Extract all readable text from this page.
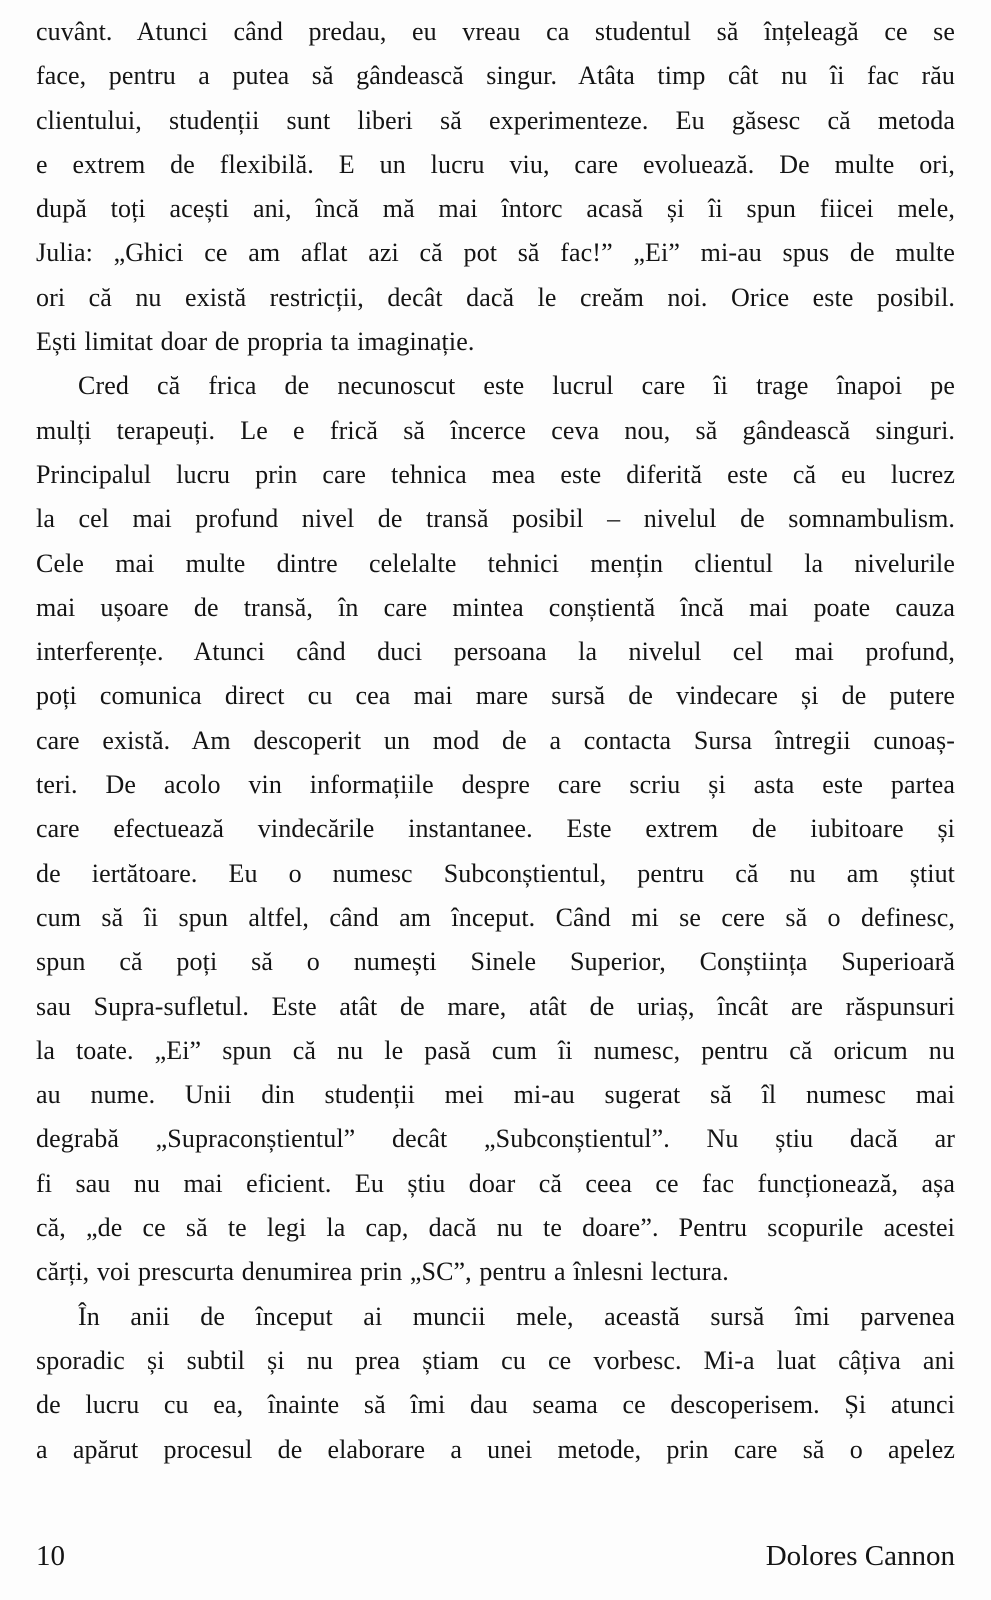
cuvânt. Atunci când predau, eu vreau ca studentul să înțeleagă ce se
face, pentru a putea să gândească singur. Atâta timp cât nu îi fac rău
clientului, studenții sunt liberi să experimenteze. Eu găsesc că metoda
e extrem de flexibilă. E un lucru viu, care evoluează. De multe ori,
după toți acești ani, încă mă mai întorc acasă și îi spun fiicei mele,
Julia: „Ghici ce am aflat azi că pot să fac!” „Ei” mi-au spus de multe
ori că nu există restricții, decât dacă le creăm noi. Orice este posibil.
Ești limitat doar de propria ta imaginație.
Cred că frica de necunoscut este lucrul care îi trage înapoi pe
mulți terapeuți. Le e frică să încerce ceva nou, să gândească singuri.
Principalul lucru prin care tehnica mea este diferită este că eu lucrez
la cel mai profund nivel de transă posibil – nivelul de somnambulism.
Cele mai multe dintre celelalte tehnici mențin clientul la nivelurile
mai ușoare de transă, în care mintea conștientă încă mai poate cauza
interferențe. Atunci când duci persoana la nivelul cel mai profund,
poți comunica direct cu cea mai mare sursă de vindecare și de putere
care există. Am descoperit un mod de a contacta Sursa întregii cunoaș-
teri. De acolo vin informațiile despre care scriu și asta este partea
care efectuează vindecările instantanee. Este extrem de iubitoare și
de iertătoare. Eu o numesc Subconștientul, pentru că nu am știut
cum să îi spun altfel, când am început. Când mi se cere să o definesc,
spun că poți să o numești Sinele Superior, Conștiința Superioară
sau Supra-sufletul. Este atât de mare, atât de uriaș, încât are răspunsuri
la toate. „Ei” spun că nu le pasă cum îi numesc, pentru că oricum nu
au nume. Unii din studenții mei mi-au sugerat să îl numesc mai
degrabă „Supraconștientul” decât „Subconștientul”. Nu știu dacă ar
fi sau nu mai eficient. Eu știu doar că ceea ce fac funcționează, așa
că, „de ce să te legi la cap, dacă nu te doare”. Pentru scopurile acestei
cărți, voi prescurta denumirea prin „SC”, pentru a înlesni lectura.
În anii de început ai muncii mele, această sursă îmi parvenea
sporadic și subtil și nu prea știam cu ce vorbesc. Mi-a luat câțiva ani
de lucru cu ea, înainte să îmi dau seama ce descoperisem. Și atunci
a apărut procesul de elaborare a unei metode, prin care să o apelez
10	Dolores Cannon
